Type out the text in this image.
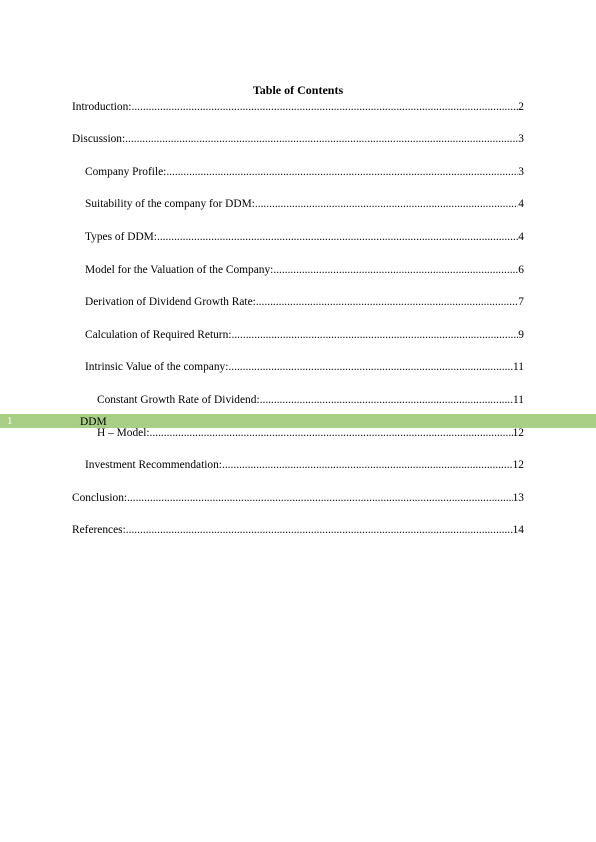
Table of Contents
Introduction: .....	2
Discussion: .....	3
Company Profile: .....	3
Suitability of the company for DDM: .....	4
Types of DDM: .....	4
Model for the Valuation of the Company: .....	6
Derivation of Dividend Growth Rate: .....	7
Calculation of Required Return: .....	9
Intrinsic Value of the company: .....	11
Constant Growth Rate of Dividend: .....	11
1	DDM
H – Model: .....	12
Investment Recommendation: .....	12
Conclusion: .....	13
References: .....	14
